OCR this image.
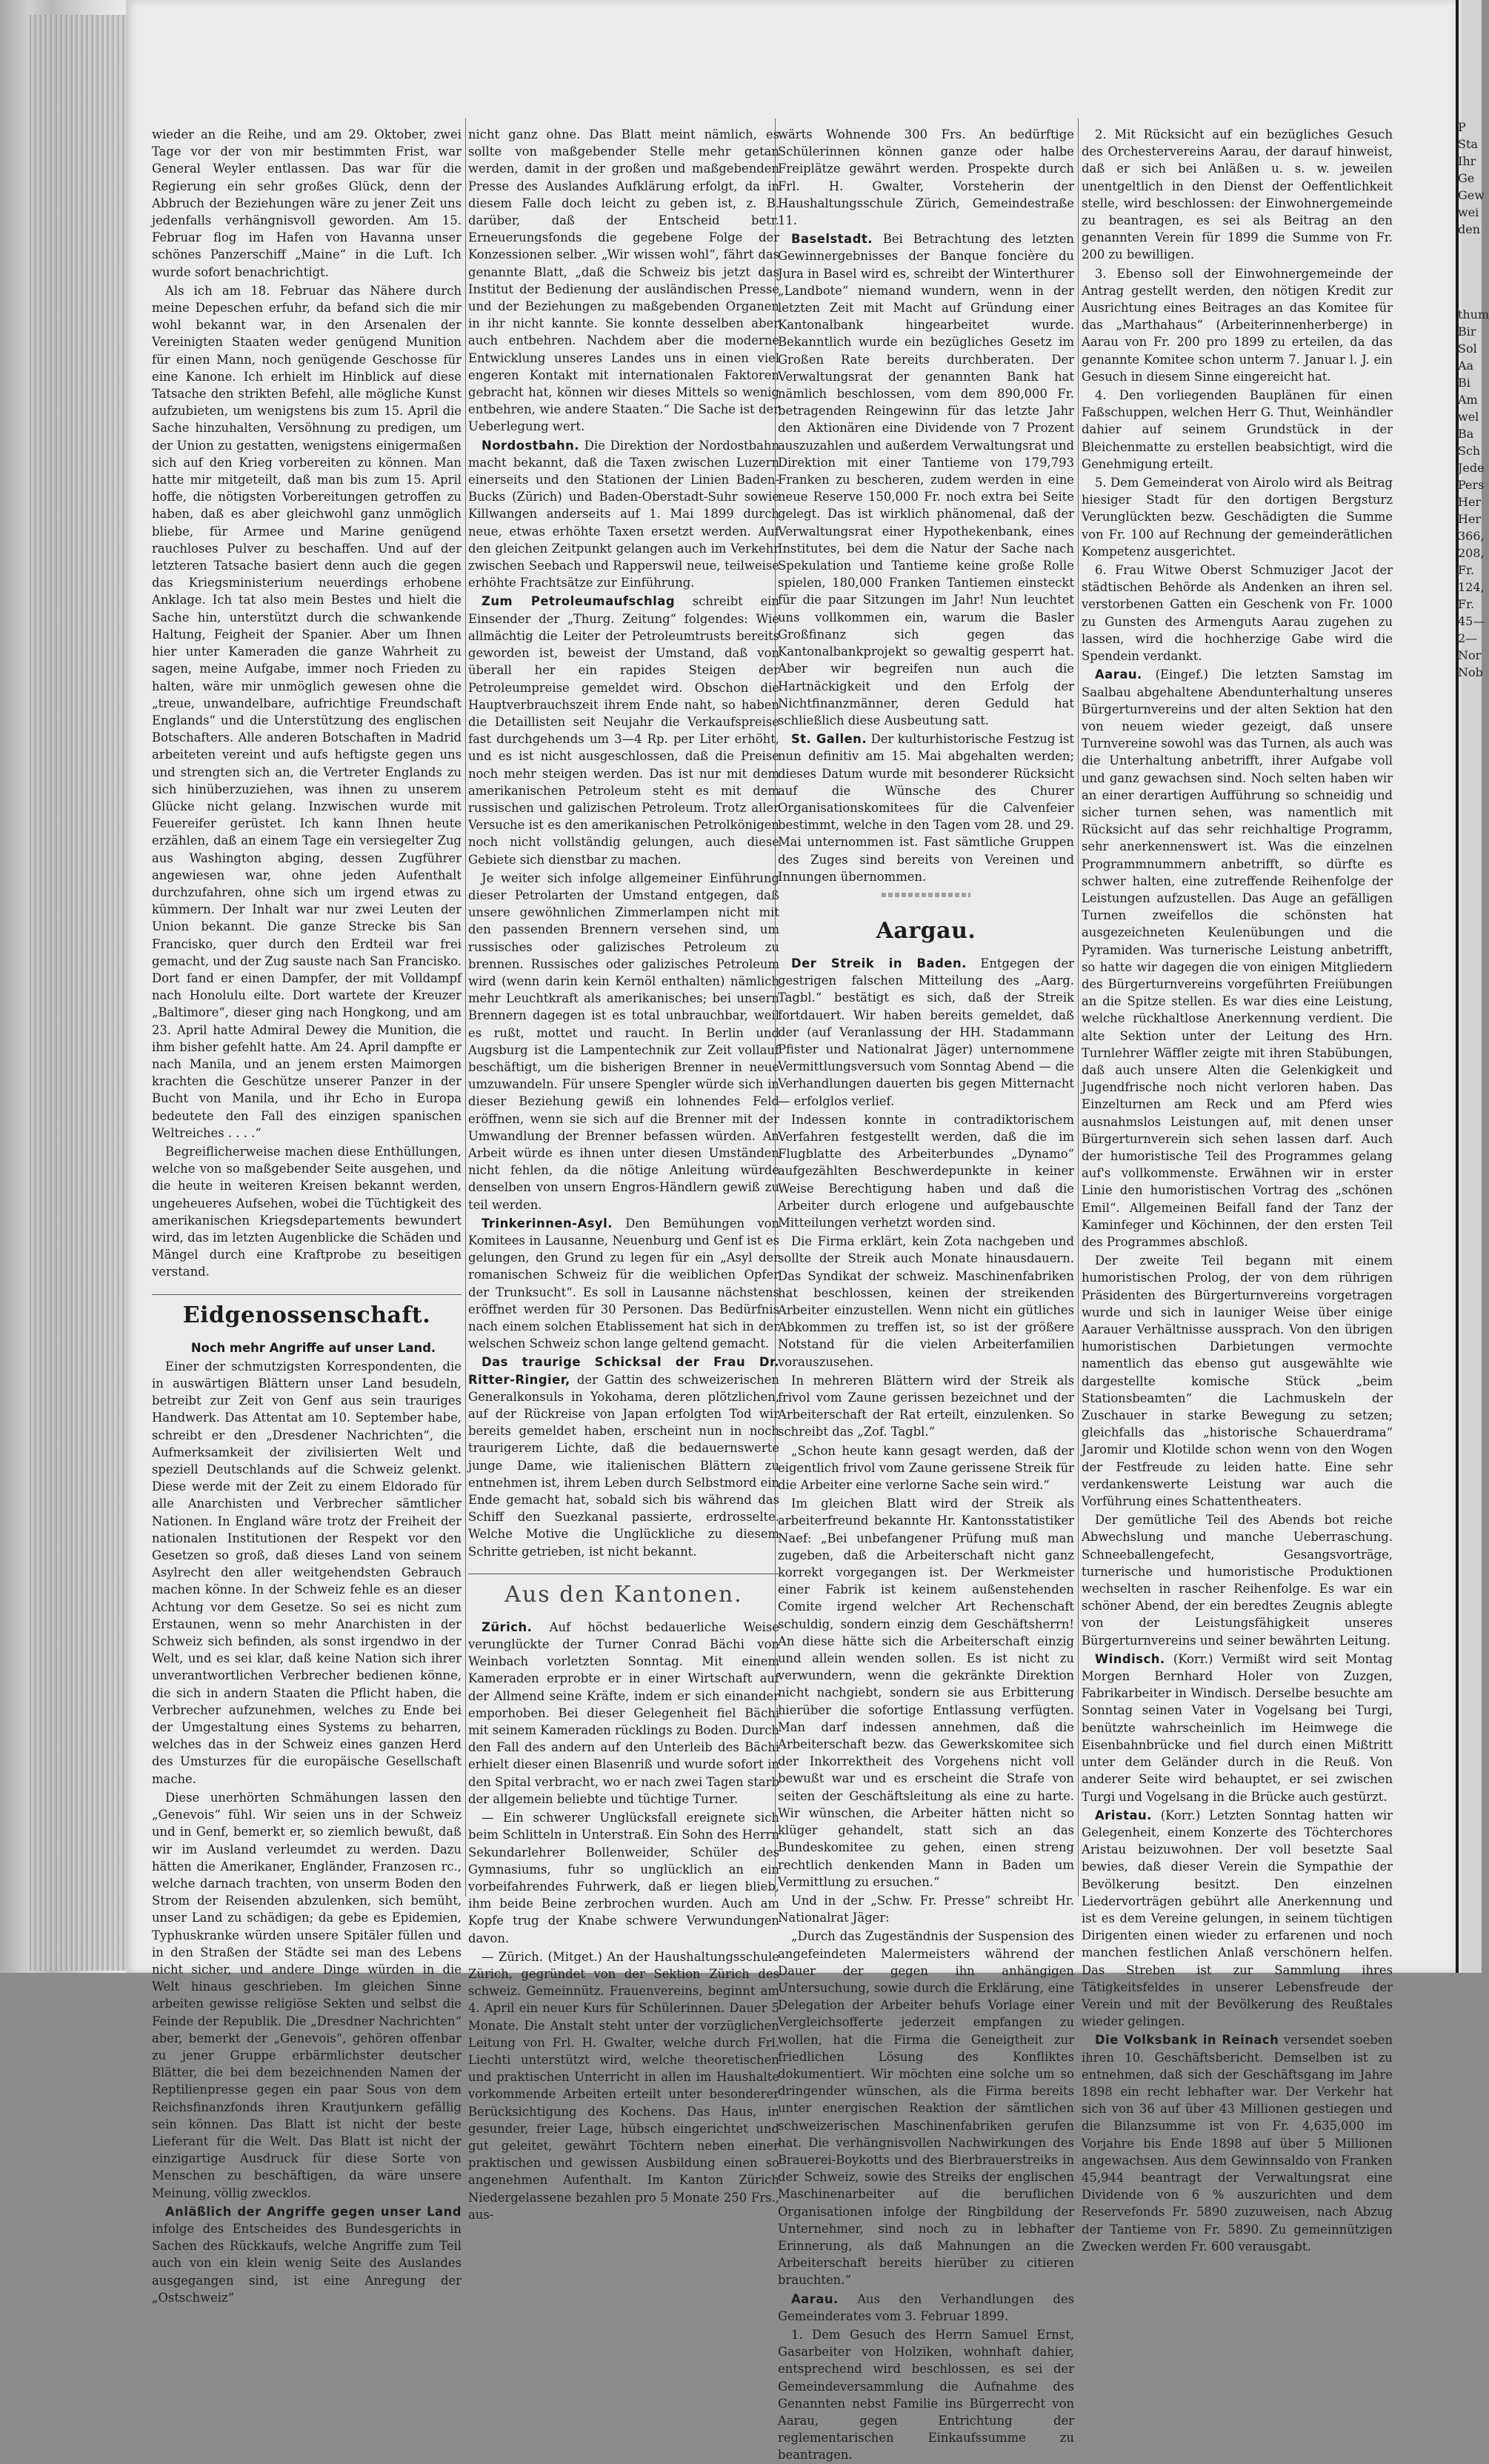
wieder an die Reihe, und am 29. Oktober, zwei Tage vor der von mir bestimmten Frist, war General Weyler entlassen. Das war für die Regierung ein sehr großes Glück, denn der Abbruch der Beziehungen wäre zu jener Zeit uns jedenfalls verhängnisvoll geworden. Am 15. Februar flog im Hafen von Havanna unser schönes Panzerschiff „Maine“ in die Luft. Ich wurde sofort benachrichtigt.

Als ich am 18. Februar das Nähere durch meine Depeschen erfuhr, da befand sich die mir wohl bekannt war, in den Arsenalen der Vereinigten Staaten weder genügend Munition für einen Mann, noch genügende Geschosse für eine Kanone. Ich erhielt im Hinblick auf diese Tatsache den strikten Befehl, alle mögliche Kunst aufzubieten, um wenigstens bis zum 15. April die Sache hinzuhalten, Versöhnung zu predigen, um der Union zu gestatten, wenigstens einigermaßen sich auf den Krieg vorbereiten zu können. Man hatte mir mitgeteilt, daß man bis zum 15. April hoffe, die nötigsten Vorbereitungen getroffen zu haben, daß es aber gleichwohl ganz unmöglich bliebe, für Armee und Marine genügend rauchloses Pulver zu beschaffen. Und auf der letzteren Tatsache basiert denn auch die gegen das Kriegsministerium neuerdings erhobene Anklage. Ich tat also mein Bestes und hielt die Sache hin, unterstützt durch die schwankende Haltung, Feigheit der Spanier. Aber um Ihnen hier unter Kameraden die ganze Wahrheit zu sagen, meine Aufgabe, immer noch Frieden zu halten, wäre mir unmöglich gewesen ohne die „treue, unwandelbare, aufrichtige Freundschaft Englands“ und die Unterstützung des englischen Botschafters. Alle anderen Botschaften in Madrid arbeiteten vereint und aufs heftigste gegen uns und strengten sich an, die Vertreter Englands zu sich hinüberzuziehen, was ihnen zu unserem Glücke nicht gelang. Inzwischen wurde mit Feuereifer gerüstet. Ich kann Ihnen heute erzählen, daß an einem Tage ein versiegelter Zug aus Washington abging, dessen Zugführer angewiesen war, ohne jeden Aufenthalt durchzufahren, ohne sich um irgend etwas zu kümmern. Der Inhalt war nur zwei Leuten der Union bekannt. Die ganze Strecke bis San Francisko, quer durch den Erdteil war frei gemacht, und der Zug sauste nach San Francisko. Dort fand er einen Dampfer, der mit Volldampf nach Honolulu eilte. Dort wartete der Kreuzer „Baltimore“, dieser ging nach Hongkong, und am 23. April hatte Admiral Dewey die Munition, die ihm bisher gefehlt hatte. Am 24. April dampfte er nach Manila, und an jenem ersten Maimorgen krachten die Geschütze unserer Panzer in der Bucht von Manila, und ihr Echo in Europa bedeutete den Fall des einzigen spanischen Weltreiches . . . .“

Begreiflicherweise machen diese Enthüllungen, welche von so maßgebender Seite ausgehen, und die heute in weiteren Kreisen bekannt werden, ungeheueres Aufsehen, wobei die Tüchtigkeit des amerikanischen Kriegsdepartements bewundert wird, das im letzten Augenblicke die Schäden und Mängel durch eine Kraftprobe zu beseitigen verstand.

Eidgenossenschaft.

Noch mehr Angriffe auf unser Land.

Einer der schmutzigsten Korrespondenten, die in auswärtigen Blättern unser Land besudeln, betreibt zur Zeit von Genf aus sein trauriges Handwerk. Das Attentat am 10. September habe, schreibt er den „Dresdener Nachrichten“, die Aufmerksamkeit der zivilisierten Welt und speziell Deutschlands auf die Schweiz gelenkt. Diese werde mit der Zeit zu einem Eldorado für alle Anarchisten und Verbrecher sämtlicher Nationen. In England wäre trotz der Freiheit der nationalen Institutionen der Respekt vor den Gesetzen so groß, daß dieses Land von seinem Asylrecht den aller weitgehendsten Gebrauch machen könne. In der Schweiz fehle es an dieser Achtung vor dem Gesetze. So sei es nicht zum Erstaunen, wenn so mehr Anarchisten in der Schweiz sich befinden, als sonst irgendwo in der Welt, und es sei klar, daß keine Nation sich ihrer unverantwortlichen Verbrecher bedienen könne, die sich in andern Staaten die Pflicht haben, die Verbrecher aufzunehmen, welches zu Ende bei der Umgestaltung eines Systems zu beharren, welches das in der Schweiz eines ganzen Herd des Umsturzes für die europäische Gesellschaft mache.

Diese unerhörten Schmähungen lassen den „Genevois“ fühl. Wir seien uns in der Schweiz und in Genf, bemerkt er, so ziemlich bewußt, daß wir im Ausland verleumdet zu werden. Dazu hätten die Amerikaner, Engländer, Franzosen rc., welche darnach trachten, von unserm Boden den Strom der Reisenden abzulenken, sich bemüht, unser Land zu schädigen; da gebe es Epidemien, Typhuskranke würden unsere Spitäler füllen und in den Straßen der Städte sei man des Lebens nicht sicher, und andere Dinge würden in die Welt hinaus geschrieben. Im gleichen Sinne arbeiten gewisse religiöse Sekten und selbst die Feinde der Republik. Die „Dresdner Nachrichten“ aber, bemerkt der „Genevois“, gehören offenbar zu jener Gruppe erbärmlichster deutscher Blätter, die bei dem bezeichnenden Namen der Reptilienpresse gegen ein paar Sous von dem Reichsfinanzfonds ihren Krautjunkern gefällig sein können. Das Blatt ist nicht der beste Lieferant für die Welt. Das Blatt ist nicht der einzigartige Ausdruck für diese Sorte von Menschen zu beschäftigen, da wäre unsere Meinung, völlig zwecklos.

Anläßlich der Angriffe gegen unser Land infolge des Entscheides des Bundesgerichts in Sachen des Rückkaufs, welche Angriffe zum Teil auch von ein klein wenig Seite des Auslandes ausgegangen sind, ist eine Anregung der „Ostschweiz“

nicht ganz ohne. Das Blatt meint nämlich, es sollte von maßgebender Stelle mehr getan werden, damit in der großen und maßgebenden Presse des Auslandes Aufklärung erfolgt, da in diesem Falle doch leicht zu geben ist, z. B. darüber, daß der Entscheid betr. Erneuerungsfonds die gegebene Folge der Konzessionen selber. „Wir wissen wohl“, fährt das genannte Blatt, „daß die Schweiz bis jetzt das Institut der Bedienung der ausländischen Presse und der Beziehungen zu maßgebenden Organen in ihr nicht kannte. Sie konnte desselben aber auch entbehren. Nachdem aber die moderne Entwicklung unseres Landes uns in einen viel engeren Kontakt mit internationalen Faktoren gebracht hat, können wir dieses Mittels so wenig entbehren, wie andere Staaten.“ Die Sache ist der Ueberlegung wert.

Nordostbahn. Die Direktion der Nordostbahn macht bekannt, daß die Taxen zwischen Luzern einerseits und den Stationen der Linien Baden-Bucks (Zürich) und Baden-Oberstadt-Suhr sowie Killwangen anderseits auf 1. Mai 1899 durch neue, etwas erhöhte Taxen ersetzt werden. Auf den gleichen Zeitpunkt gelangen auch im Verkehr zwischen Seebach und Rapperswil neue, teilweise erhöhte Frachtsätze zur Einführung.

Zum Petroleumaufschlag schreibt ein Einsender der „Thurg. Zeitung“ folgendes: Wie allmächtig die Leiter der Petroleumtrusts bereits geworden ist, beweist der Umstand, daß von überall her ein rapides Steigen der Petroleumpreise gemeldet wird. Obschon die Hauptverbrauchszeit ihrem Ende naht, so haben die Detaillisten seit Neujahr die Verkaufspreise fast durchgehends um 3—4 Rp. per Liter erhöht, und es ist nicht ausgeschlossen, daß die Preise noch mehr steigen werden. Das ist nur mit dem amerikanischen Petroleum steht es mit dem russischen und galizischen Petroleum. Trotz aller Versuche ist es den amerikanischen Petrolkönigen noch nicht vollständig gelungen, auch diese Gebiete sich dienstbar zu machen.

Je weiter sich infolge allgemeiner Einführung dieser Petrolarten der Umstand entgegen, daß unsere gewöhnlichen Zimmerlampen nicht mit den passenden Brennern versehen sind, um russisches oder galizisches Petroleum zu brennen. Russisches oder galizisches Petroleum wird (wenn darin kein Kernöl enthalten) nämlich mehr Leuchtkraft als amerikanisches; bei unsern Brennern dagegen ist es total unbrauchbar, weil es rußt, mottet und raucht. In Berlin und Augsburg ist die Lampentechnik zur Zeit vollauf beschäftigt, um die bisherigen Brenner in neue umzuwandeln. Für unsere Spengler würde sich in dieser Beziehung gewiß ein lohnendes Feld eröffnen, wenn sie sich auf die Brenner mit der Umwandlung der Brenner befassen würden. An Arbeit würde es ihnen unter diesen Umständen nicht fehlen, da die nötige Anleitung würde denselben von unsern Engros-Händlern gewiß zu teil werden.

Trinkerinnen-Asyl. Den Bemühungen von Komitees in Lausanne, Neuenburg und Genf ist es gelungen, den Grund zu legen für ein „Asyl der romanischen Schweiz für die weiblichen Opfer der Trunksucht“. Es soll in Lausanne nächstens eröffnet werden für 30 Personen. Das Bedürfnis nach einem solchen Etablissement hat sich in der welschen Schweiz schon lange geltend gemacht.

Das traurige Schicksal der Frau Dr. Ritter-Ringier, der Gattin des schweizerischen Generalkonsuls in Yokohama, deren plötzlichen, auf der Rückreise von Japan erfolgten Tod wir bereits gemeldet haben, erscheint nun in noch traurigerem Lichte, daß die bedauernswerte junge Dame, wie italienischen Blättern zu entnehmen ist, ihrem Leben durch Selbstmord ein Ende gemacht hat, sobald sich bis während das Schiff den Suezkanal passierte, erdrosselte. Welche Motive die Unglückliche zu diesem Schritte getrieben, ist nicht bekannt.

Aus den Kantonen.

Zürich. Auf höchst bedauerliche Weise verunglückte der Turner Conrad Bächi von Weinbach vorletzten Sonntag. Mit einem Kameraden erprobte er in einer Wirtschaft auf der Allmend seine Kräfte, indem er sich einander emporhoben. Bei dieser Gelegenheit fiel Bächi mit seinem Kameraden rücklings zu Boden. Durch den Fall des andern auf den Unterleib des Bächi erhielt dieser einen Blasenriß und wurde sofort in den Spital verbracht, wo er nach zwei Tagen starb der allgemein beliebte und tüchtige Turner.

— Ein schwerer Unglücksfall ereignete sich beim Schlitteln in Unterstraß. Ein Sohn des Herrn Sekundarlehrer Bollenweider, Schüler des Gymnasiums, fuhr so unglücklich an ein vorbeifahrendes Fuhrwerk, daß er liegen blieb, ihm beide Beine zerbrochen wurden. Auch am Kopfe trug der Knabe schwere Verwundungen davon.

— Zürich. (Mitget.) An der Haushaltungsschule Zürich, gegründet von der Sektion Zürich des schweiz. Gemeinnütz. Frauenvereins, beginnt am 4. April ein neuer Kurs für Schülerinnen. Dauer 5 Monate. Die Anstalt steht unter der vorzüglichen Leitung von Frl. H. Gwalter, welche durch Frl. Liechti unterstützt wird, welche theoretischen und praktischen Unterricht in allen im Haushalte vorkommende Arbeiten erteilt unter besonderer Berücksichtigung des Kochens. Das Haus, in gesunder, freier Lage, hübsch eingerichtet und gut geleitet, gewährt Töchtern neben einer praktischen und gewissen Ausbildung einen so angenehmen Aufenthalt. Im Kanton Zürich Niedergelassene bezahlen pro 5 Monate 250 Frs., aus-

wärts Wohnende 300 Frs. An bedürftige Schülerinnen können ganze oder halbe Freiplätze gewährt werden. Prospekte durch Frl. H. Gwalter, Vorsteherin der Haushaltungsschule Zürich, Gemeindestraße 11.

Baselstadt. Bei Betrachtung des letzten Gewinnergebnisses der Banque foncière du Jura in Basel wird es, schreibt der Winterthurer „Landbote“ niemand wundern, wenn in der letzten Zeit mit Macht auf Gründung einer Kantonalbank hingearbeitet wurde. Bekanntlich wurde ein bezügliches Gesetz im Großen Rate bereits durchberaten. Der Verwaltungsrat der genannten Bank hat nämlich beschlossen, vom dem 890,000 Fr. betragenden Reingewinn für das letzte Jahr den Aktionären eine Dividende von 7 Prozent auszuzahlen und außerdem Verwaltungsrat und Direktion mit einer Tantieme von 179,793 Franken zu bescheren, zudem werden in eine neue Reserve 150,000 Fr. noch extra bei Seite gelegt. Das ist wirklich phänomenal, daß der Verwaltungsrat einer Hypothekenbank, eines Institutes, bei dem die Natur der Sache nach Spekulation und Tantieme keine große Rolle spielen, 180,000 Franken Tantiemen einsteckt für die paar Sitzungen im Jahr! Nun leuchtet uns vollkommen ein, warum die Basler Großfinanz sich gegen das Kantonalbankprojekt so gewaltig gesperrt hat. Aber wir begreifen nun auch die Hartnäckigkeit und den Erfolg der Nichtfinanzmänner, deren Geduld hat schließlich diese Ausbeutung satt.

St. Gallen. Der kulturhistorische Festzug ist nun definitiv am 15. Mai abgehalten werden; dieses Datum wurde mit besonderer Rücksicht auf die Wünsche des Churer Organisationskomitees für die Calvenfeier bestimmt, welche in den Tagen vom 28. und 29. Mai unternommen ist. Fast sämtliche Gruppen des Zuges sind bereits von Vereinen und Innungen übernommen.

Aargau.

Der Streik in Baden. Entgegen der gestrigen falschen Mitteilung des „Aarg. Tagbl.“ bestätigt es sich, daß der Streik fortdauert. Wir haben bereits gemeldet, daß der (auf Veranlassung der HH. Stadammann Pfister und Nationalrat Jäger) unternommene Vermittlungsversuch vom Sonntag Abend — die Verhandlungen dauerten bis gegen Mitternacht — erfolglos verlief.

Indessen konnte in contradiktorischem Verfahren festgestellt werden, daß die im Flugblatte des Arbeiterbundes „Dynamo“ aufgezählten Beschwerdepunkte in keiner Weise Berechtigung haben und daß die Arbeiter durch erlogene und aufgebauschte Mitteilungen verhetzt worden sind.

Die Firma erklärt, kein Zota nachgeben und sollte der Streik auch Monate hinausdauern. Das Syndikat der schweiz. Maschinenfabriken hat beschlossen, keinen der streikenden Arbeiter einzustellen. Wenn nicht ein gütliches Abkommen zu treffen ist, so ist der größere Notstand für die vielen Arbeiterfamilien vorauszusehen.

In mehreren Blättern wird der Streik als frivol vom Zaune gerissen bezeichnet und der Arbeiterschaft der Rat erteilt, einzulenken. So schreibt das „Zof. Tagbl.“

„Schon heute kann gesagt werden, daß der eigentlich frivol vom Zaune gerissene Streik für die Arbeiter eine verlorne Sache sein wird.“

Im gleichen Blatt wird der Streik als arbeiterfreund bekannte Hr. Kantonsstatistiker Naef: „Bei unbefangener Prüfung muß man zugeben, daß die Arbeiterschaft nicht ganz korrekt vorgegangen ist. Der Werkmeister einer Fabrik ist keinem außenstehenden Comite irgend welcher Art Rechenschaft schuldig, sondern einzig dem Geschäftsherrn! An diese hätte sich die Arbeiterschaft einzig und allein wenden sollen. Es ist nicht zu verwundern, wenn die gekränkte Direktion nicht nachgiebt, sondern sie aus Erbitterung hierüber die sofortige Entlassung verfügten. Man darf indessen annehmen, daß die Arbeiterschaft bezw. das Gewerkskomitee sich der Inkorrektheit des Vorgehens nicht voll bewußt war und es erscheint die Strafe von seiten der Geschäftsleitung als eine zu harte. Wir wünschen, die Arbeiter hätten nicht so klüger gehandelt, statt sich an das Bundeskomitee zu gehen, einen streng rechtlich denkenden Mann in Baden um Vermittlung zu ersuchen.“

Und in der „Schw. Fr. Presse“ schreibt Hr. Nationalrat Jäger:

„Durch das Zugeständnis der Suspension des angefeindeten Malermeisters während der Dauer der gegen ihn anhängigen Untersuchung, sowie durch die Erklärung, eine Delegation der Arbeiter behufs Vorlage einer Vergleichsofferte jederzeit empfangen zu wollen, hat die Firma die Geneigtheit zur friedlichen Lösung des Konfliktes dokumentiert. Wir möchten eine solche um so dringender wünschen, als die Firma bereits unter energischen Reaktion der sämtlichen schweizerischen Maschinenfabriken gerufen hat. Die verhängnisvollen Nachwirkungen des Brauerei-Boykotts und des Bierbrauerstreiks in der Schweiz, sowie des Streiks der englischen Maschinenarbeiter auf die beruflichen Organisationen infolge der Ringbildung der Unternehmer, sind noch zu in lebhafter Erinnerung, als daß Mahnungen an die Arbeiterschaft bereits hierüber zu citieren brauchten.“

Aarau. Aus den Verhandlungen des Gemeinderates vom 3. Februar 1899.

1. Dem Gesuch des Herrn Samuel Ernst, Gasarbeiter von Holziken, wohnhaft dahier, entsprechend wird beschlossen, es sei der Gemeindeversammlung die Aufnahme des Genannten nebst Familie ins Bürgerrecht von Aarau, gegen Entrichtung der reglementarischen Einkaufssumme zu beantragen.

2. Mit Rücksicht auf ein bezügliches Gesuch des Orchestervereins Aarau, der darauf hinweist, daß er sich bei Anläßen u. s. w. jeweilen unentgeltlich in den Dienst der Oeffentlichkeit stelle, wird beschlossen: der Einwohnergemeinde zu beantragen, es sei als Beitrag an den genannten Verein für 1899 die Summe von Fr. 200 zu bewilligen.

3. Ebenso soll der Einwohnergemeinde der Antrag gestellt werden, den nötigen Kredit zur Ausrichtung eines Beitrages an das Komitee für das „Marthahaus“ (Arbeiterinnenherberge) in Aarau von Fr. 200 pro 1899 zu erteilen, da das genannte Komitee schon unterm 7. Januar l. J. ein Gesuch in diesem Sinne eingereicht hat.

4. Den vorliegenden Bauplänen für einen Faßschuppen, welchen Herr G. Thut, Weinhändler dahier auf seinem Grundstück in der Bleichenmatte zu erstellen beabsichtigt, wird die Genehmigung erteilt.

5. Dem Gemeinderat von Airolo wird als Beitrag hiesiger Stadt für den dortigen Bergsturz Verunglückten bezw. Geschädigten die Summe von Fr. 100 auf Rechnung der gemeinderätlichen Kompetenz ausgerichtet.

6. Frau Witwe Oberst Schmuziger Jacot der städtischen Behörde als Andenken an ihren sel. verstorbenen Gatten ein Geschenk von Fr. 1000 zu Gunsten des Armenguts Aarau zugehen zu lassen, wird die hochherzige Gabe wird die Spendein verdankt.

Aarau. (Eingef.) Die letzten Samstag im Saalbau abgehaltene Abendunterhaltung unseres Bürgerturnvereins und der alten Sektion hat den von neuem wieder gezeigt, daß unsere Turnvereine sowohl was das Turnen, als auch was die Unterhaltung anbetrifft, ihrer Aufgabe voll und ganz gewachsen sind. Noch selten haben wir an einer derartigen Aufführung so schneidig und sicher turnen sehen, was namentlich mit Rücksicht auf das sehr reichhaltige Programm, sehr anerkennenswert ist. Was die einzelnen Programmnummern anbetrifft, so dürfte es schwer halten, eine zutreffende Reihenfolge der Leistungen aufzustellen. Das Auge an gefälligen Turnen zweifellos die schönsten hat ausgezeichneten Keulenübungen und die Pyramiden. Was turnerische Leistung anbetrifft, so hatte wir dagegen die von einigen Mitgliedern des Bürgerturnvereins vorgeführten Freiübungen an die Spitze stellen. Es war dies eine Leistung, welche rückhaltlose Anerkennung verdient. Die alte Sektion unter der Leitung des Hrn. Turnlehrer Wäffler zeigte mit ihren Stabübungen, daß auch unsere Alten die Gelenkigkeit und Jugendfrische noch nicht verloren haben. Das Einzelturnen am Reck und am Pferd wies ausnahmslos Leistungen auf, mit denen unser Bürgerturnverein sich sehen lassen darf. Auch der humoristische Teil des Programmes gelang auf's vollkommenste. Erwähnen wir in erster Linie den humoristischen Vortrag des „schönen Emil“. Allgemeinen Beifall fand der Tanz der Kaminfeger und Köchinnen, der den ersten Teil des Programmes abschloß.

Der zweite Teil begann mit einem humoristischen Prolog, der von dem rührigen Präsidenten des Bürgerturnvereins vorgetragen wurde und sich in launiger Weise über einige Aarauer Verhältnisse aussprach. Von den übrigen humoristischen Darbietungen vermochte namentlich das ebenso gut ausgewählte wie dargestellte komische Stück „beim Stationsbeamten“ die Lachmuskeln der Zuschauer in starke Bewegung zu setzen; gleichfalls das „historische Schauerdrama“ Jaromir und Klotilde schon wenn von den Wogen der Festfreude zu leiden hatte. Eine sehr verdankenswerte Leistung war auch die Vorführung eines Schattentheaters.

Der gemütliche Teil des Abends bot reiche Abwechslung und manche Ueberraschung. Schneeballengefecht, Gesangsvorträge, turnerische und humoristische Produktionen wechselten in rascher Reihenfolge. Es war ein schöner Abend, der ein beredtes Zeugnis ablegte von der Leistungsfähigkeit unseres Bürgerturnvereins und seiner bewährten Leitung.

Windisch. (Korr.) Vermißt wird seit Montag Morgen Bernhard Holer von Zuzgen, Fabrikarbeiter in Windisch. Derselbe besuchte am Sonntag seinen Vater in Vogelsang bei Turgi, benützte wahrscheinlich im Heimwege die Eisenbahnbrücke und fiel durch einen Mißtritt unter dem Geländer durch in die Reuß. Von anderer Seite wird behauptet, er sei zwischen Turgi und Vogelsang in die Brücke auch gestürzt.

Aristau. (Korr.) Letzten Sonntag hatten wir Gelegenheit, einem Konzerte des Töchterchores Aristau beizuwohnen. Der voll besetzte Saal bewies, daß dieser Verein die Sympathie der Bevölkerung besitzt. Den einzelnen Liedervorträgen gebührt alle Anerkennung und ist es dem Vereine gelungen, in seinem tüchtigen Dirigenten einen wieder zu erfarenen und noch manchen festlichen Anlaß verschönern helfen. Das Streben ist zur Sammlung ihres Tätigkeitsfeldes in unserer Lebensfreude der Verein und mit der Bevölkerung des Reußtales wieder gelingen.

Die Volksbank in Reinach versendet soeben ihren 10. Geschäftsbericht. Demselben ist zu entnehmen, daß sich der Geschäftsgang im Jahre 1898 ein recht lebhafter war. Der Verkehr hat sich von 36 auf über 43 Millionen gestiegen und die Bilanzsumme ist von Fr. 4,635,000 im Vorjahre bis Ende 1898 auf über 5 Millionen angewachsen. Aus dem Gewinnsaldo von Franken 45,944 beantragt der Verwaltungsrat eine Dividende von 6 % auszurichten und dem Reservefonds Fr. 5890 zuzuweisen, nach Abzug der Tantieme von Fr. 5890. Zu gemeinnützigen Zwecken werden Fr. 600 verausgabt.

P
Sta
Ihr
Ge
Gew
wei
den

thum
Bir
Sol
Aa
Bi
Am
wel
Ba
Sch
Jede
Pers
Her
Her
366,
208,
Fr.
124,
Fr.
45—
2—
Nor
Nob
